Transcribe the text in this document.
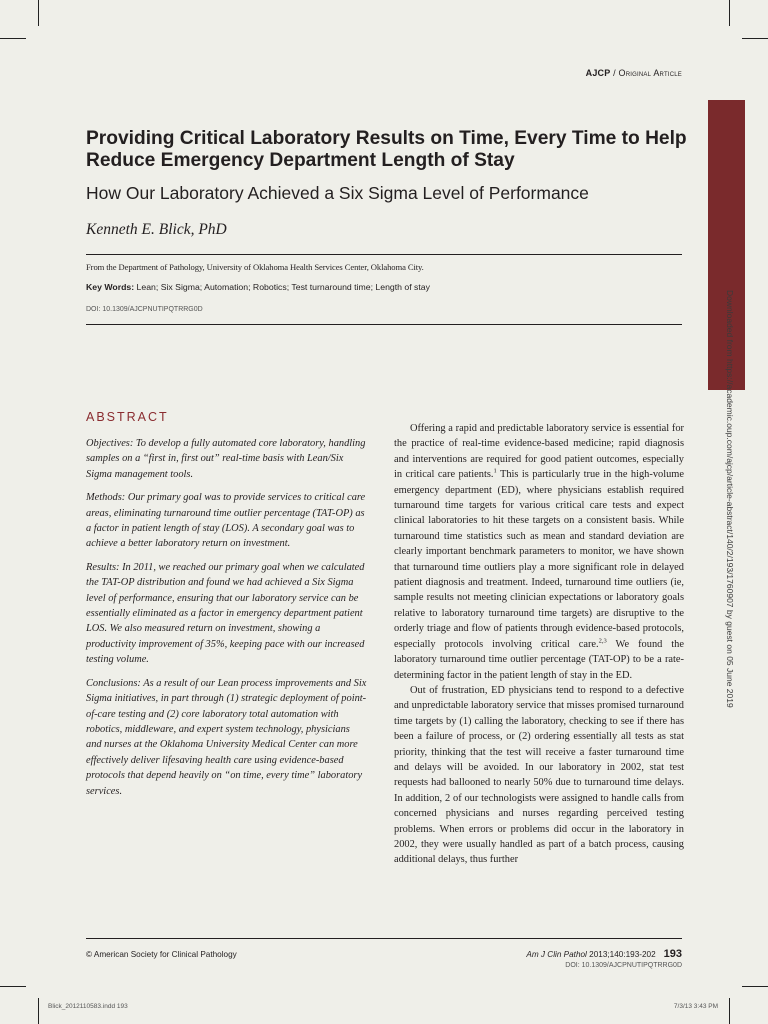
AJCP / Original Article
Downloaded from https://academic.oup.com/ajcp/article-abstract/140/2/193/1760907 by guest on 05 June 2019
Providing Critical Laboratory Results on Time, Every Time to Help Reduce Emergency Department Length of Stay
How Our Laboratory Achieved a Six Sigma Level of Performance
Kenneth E. Blick, PhD
From the Department of Pathology, University of Oklahoma Health Services Center, Oklahoma City.
Key Words: Lean; Six Sigma; Automation; Robotics; Test turnaround time; Length of stay
DOI: 10.1309/AJCPNUTIPQTRRG0D
ABSTRACT

Objectives: To develop a fully automated core laboratory, handling samples on a “first in, first out” real-time basis with Lean/Six Sigma management tools.

Methods: Our primary goal was to provide services to critical care areas, eliminating turnaround time outlier percentage (TAT-OP) as a factor in patient length of stay (LOS). A secondary goal was to achieve a better laboratory return on investment.

Results: In 2011, we reached our primary goal when we calculated the TAT-OP distribution and found we had achieved a Six Sigma level of performance, ensuring that our laboratory service can be essentially eliminated as a factor in emergency department patient LOS. We also measured return on investment, showing a productivity improvement of 35%, keeping pace with our increased testing volume.

Conclusions: As a result of our Lean process improvements and Six Sigma initiatives, in part through (1) strategic deployment of point-of-care testing and (2) core laboratory total automation with robotics, middleware, and expert system technology, physicians and nurses at the Oklahoma University Medical Center can more effectively deliver lifesaving health care using evidence-based protocols that depend heavily on “on time, every time” laboratory services.

Offering a rapid and predictable laboratory service is essential for the practice of real-time evidence-based medicine; rapid diagnosis and interventions are required for good patient outcomes, especially in critical care patients.$^1$ This is particularly true in the high-volume emergency department (ED), where physicians establish required turnaround time targets for various critical care tests and expect clinical laboratories to hit these targets on a consistent basis. While turnaround time statistics such as mean and standard deviation are clearly important benchmark parameters to monitor, we have shown that turnaround time outliers play a more significant role in delayed patient diagnosis and treatment. Indeed, turnaround time outliers (ie, sample results not meeting clinician expectations or laboratory goals relative to laboratory turnaround time targets) are disruptive to the orderly triage and flow of patients through evidence-based protocols, especially protocols involving critical care.$^{2,3}$ We found the laboratory turnaround time outlier percentage (TAT-OP) to be a rate-determining factor in the patient length of stay in the ED.

Out of frustration, ED physicians tend to respond to a defective and unpredictable laboratory service that misses promised turnaround time targets by (1) calling the laboratory, checking to see if there has been a failure of process, or (2) ordering essentially all tests as stat priority, thinking that the test will receive a faster turnaround time and delays will be avoided. In our laboratory in 2002, stat test requests had ballooned to nearly 50% due to turnaround time delays. In addition, 2 of our technologists were assigned to handle calls from concerned physicians and nurses regarding perceived testing problems. When errors or problems did occur in the laboratory in 2002, they were usually handled as part of a batch process, causing additional delays, thus further

© American Society for Clinical Pathology	Am J Clin Pathol 2013;140:193-202 193
DOI: 10.1309/AJCPNUTIPQTRRG0D
Blick_2012110583.indd 193	7/3/13 3:43 PM
